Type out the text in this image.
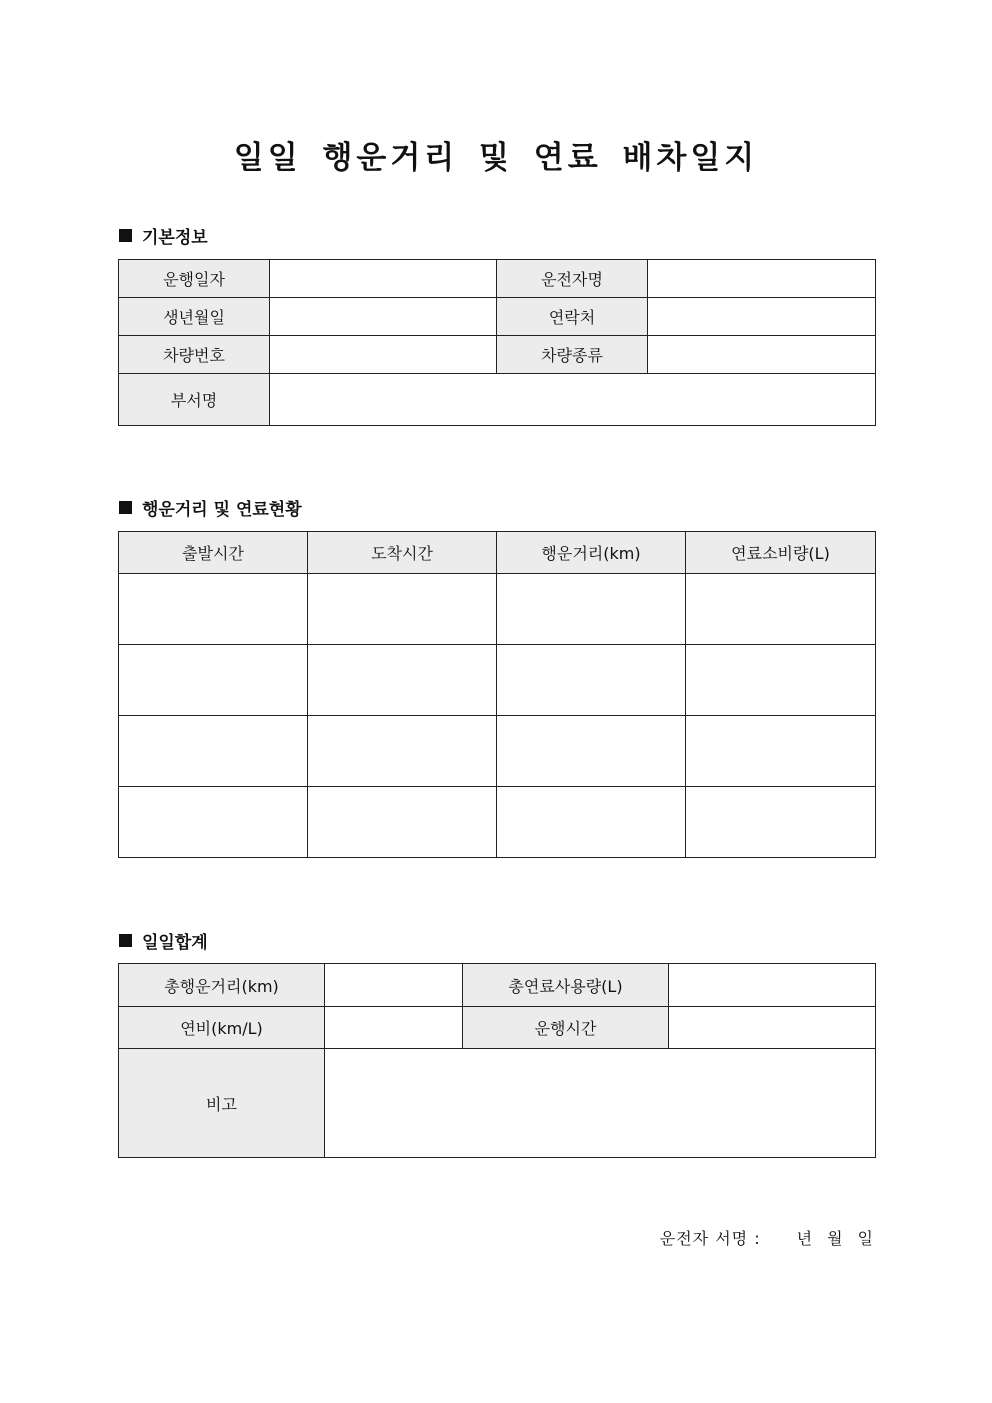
일일 행운거리 및 연료 배차일지
기본정보
운행일자		운전자명	
생년월일		연락처	
차량번호		차량종류	
부서명			
행운거리 및 연료현황
출발시간	도착시간	행운거리(km)	연료소비량(L)

일일합계
총행운거리(km)		총연료사용량(L)	
연비(km/L)		운행시간	
비고			
운전자 서명 : 년 월 일
